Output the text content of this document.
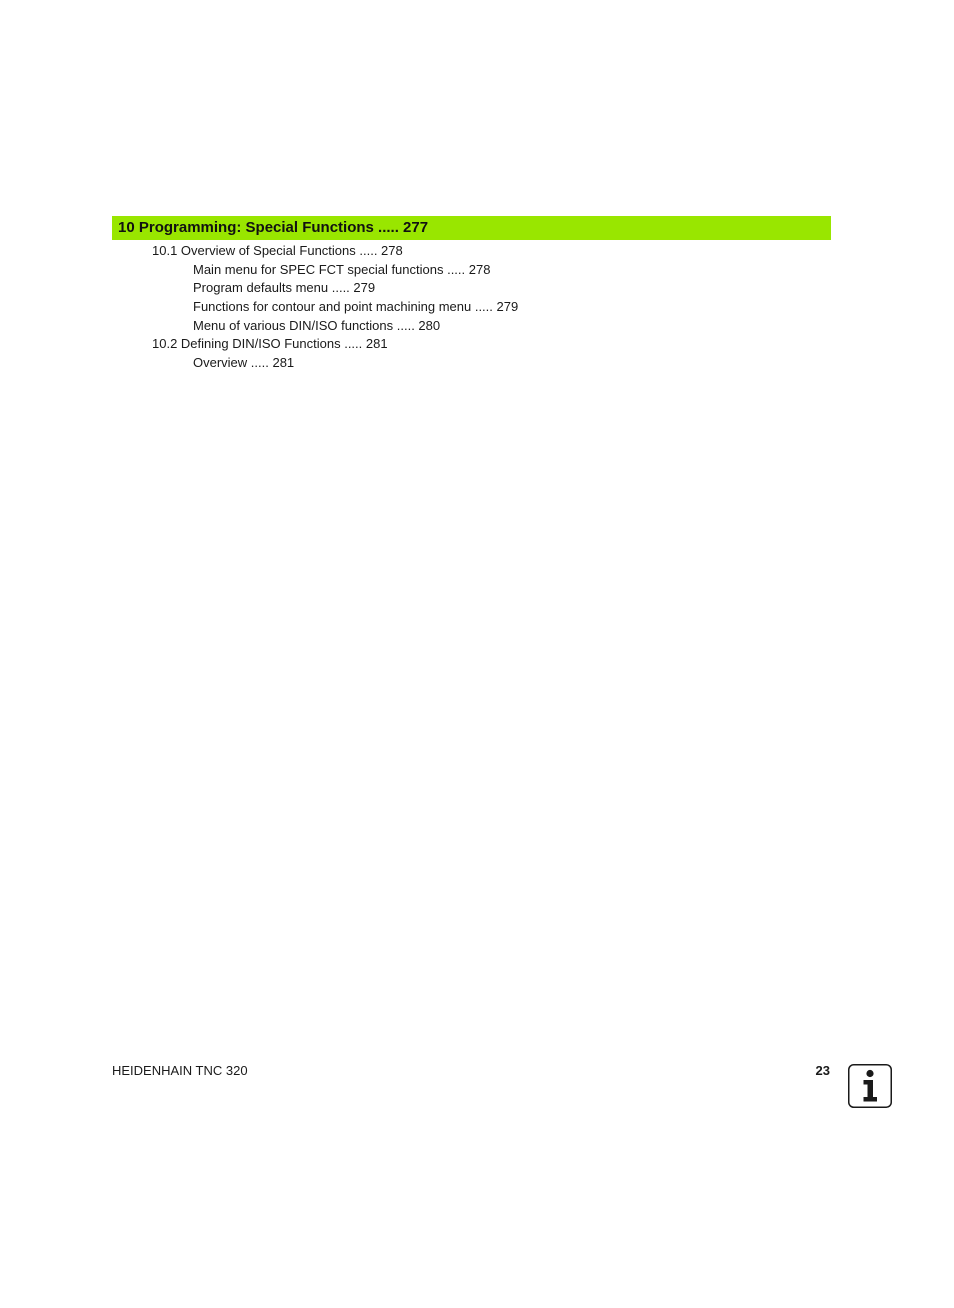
10 Programming: Special Functions ..... 277
10.1 Overview of Special Functions ..... 278
Main menu for SPEC FCT special functions ..... 278
Program defaults menu ..... 279
Functions for contour and point machining menu ..... 279
Menu of various DIN/ISO functions ..... 280
10.2 Defining DIN/ISO Functions ..... 281
Overview ..... 281
HEIDENHAIN TNC 320	23
